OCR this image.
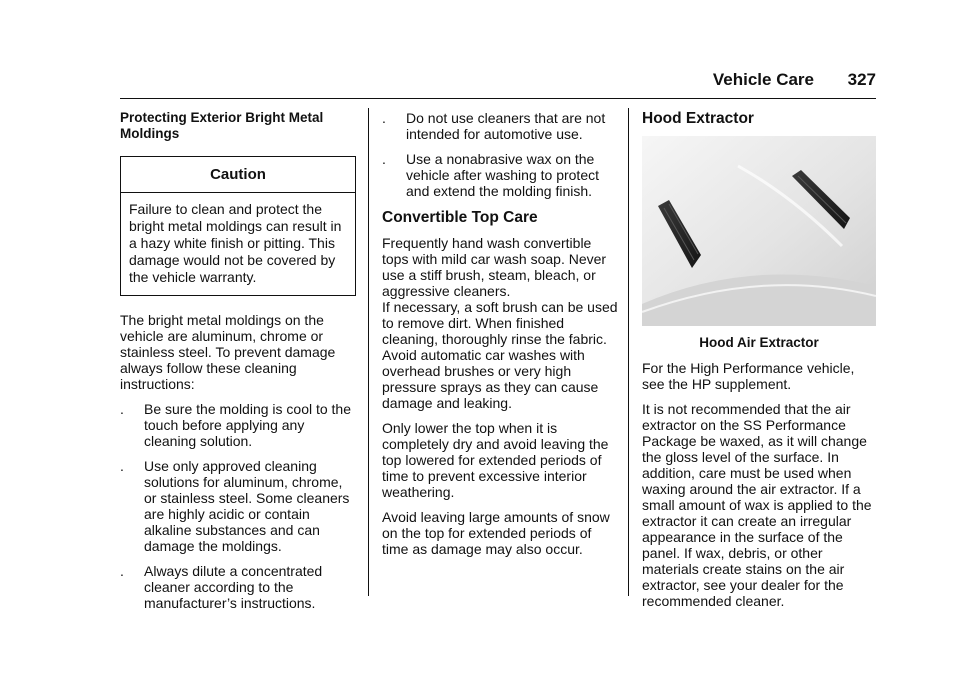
Vehicle Care 327

Protecting Exterior Bright Metal Moldings

Caution
Failure to clean and protect the bright metal moldings can result in a hazy white finish or pitting. This damage would not be covered by the vehicle warranty.

The bright metal moldings on the vehicle are aluminum, chrome or stainless steel. To prevent damage always follow these cleaning instructions:

. Be sure the molding is cool to the touch before applying any cleaning solution.
. Use only approved cleaning solutions for aluminum, chrome, or stainless steel. Some cleaners are highly acidic or contain alkaline substances and can damage the moldings.
. Always dilute a concentrated cleaner according to the manufacturer’s instructions.
. Do not use cleaners that are not intended for automotive use.
. Use a nonabrasive wax on the vehicle after washing to protect and extend the molding finish.
Convertible Top Care

Frequently hand wash convertible tops with mild car wash soap. Never use a stiff brush, steam, bleach, or aggressive cleaners.
If necessary, a soft brush can be used to remove dirt. When finished cleaning, thoroughly rinse the fabric. Avoid automatic car washes with overhead brushes or very high pressure sprays as they can cause damage and leaking.

Only lower the top when it is completely dry and avoid leaving the top lowered for extended periods of time to prevent excessive interior weathering.

Avoid leaving large amounts of snow on the top for extended periods of time as damage may also occur.

Hood Extractor

Hood Air Extractor

For the High Performance vehicle, see the HP supplement.

It is not recommended that the air extractor on the SS Performance Package be waxed, as it will change the gloss level of the surface. In addition, care must be used when waxing around the air extractor. If a small amount of wax is applied to the extractor it can create an irregular appearance in the surface of the panel. If wax, debris, or other materials create stains on the air extractor, see your dealer for the recommended cleaner.
